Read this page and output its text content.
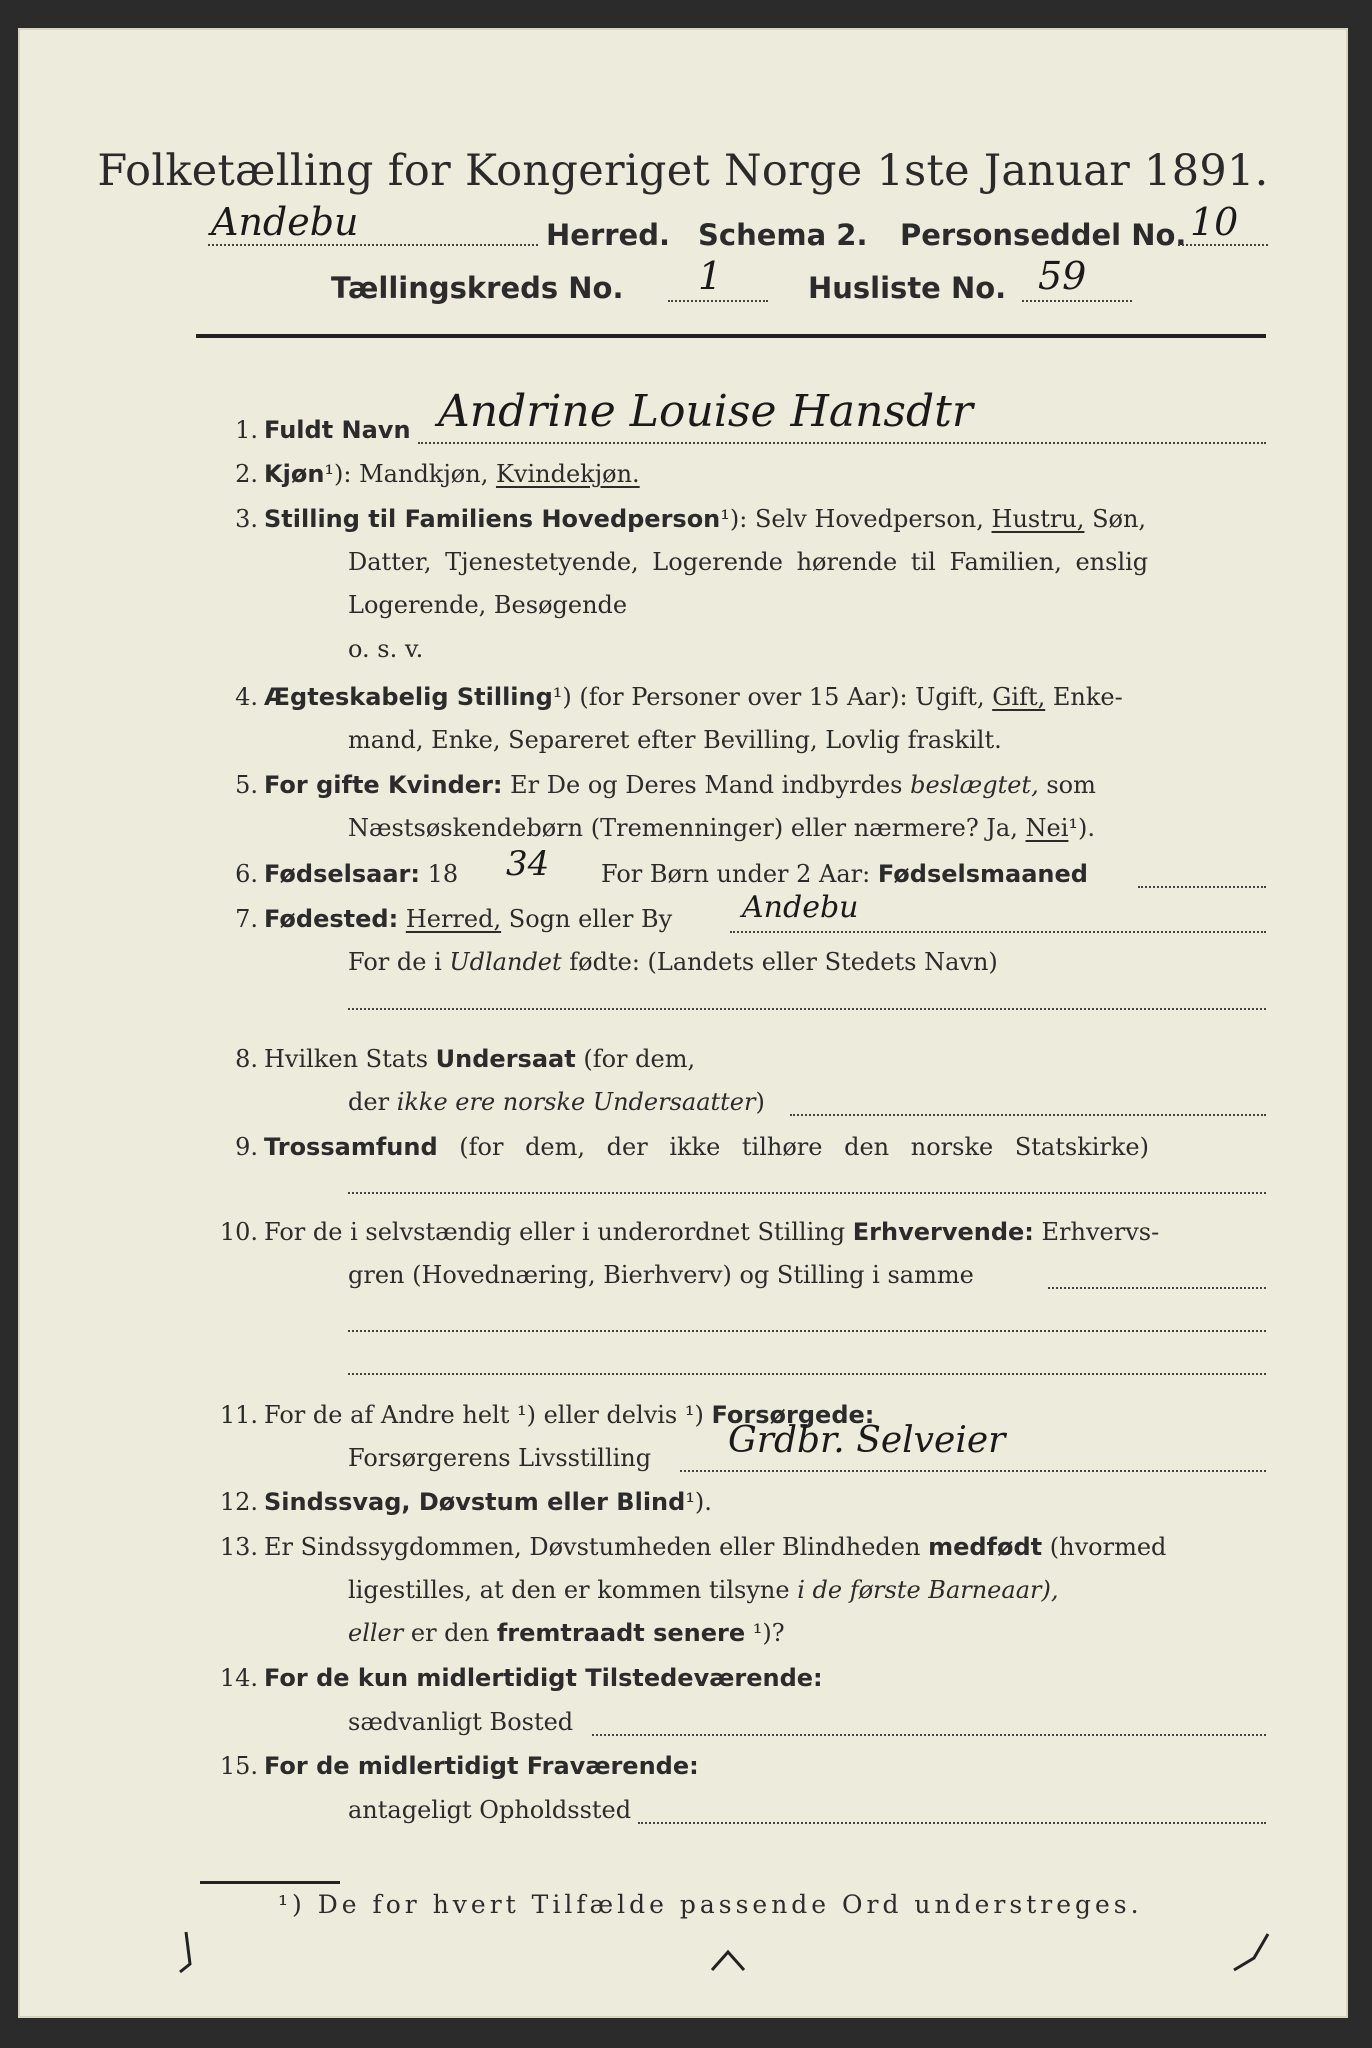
Folketælling for Kongeriget Norge 1ste Januar 1891.
Andebu	Herred. Schema 2. Personseddel No. 10
Tællingskreds No. 1	Husliste No. 59
1. Fuldt Navn Andrine Louise Hansdtr
2. Kjøn¹): Mandkjøn, Kvindekjøn.
3. Stilling til Familiens Hovedperson¹): Selv Hovedperson, Hustru, Søn,
Datter, Tjenestetyende, Logerende hørende til Familien, enslig
Logerende, Besøgende
o. s. v.
4. Ægteskabelig Stilling¹) (for Personer over 15 Aar): Ugift, Gift, Enke-
mand, Enke, Separeret efter Bevilling, Lovlig fraskilt.
5. For gifte Kvinder: Er De og Deres Mand indbyrdes beslægtet, som
Næstsøskendebørn (Tremenninger) eller nærmere? Ja, Nei¹).
6. Fødselsaar: 18 34 For Børn under 2 Aar: Fødselsmaaned
7. Fødested: Herred, Sogn eller By Andebu
For de i Udlandet fødte: (Landets eller Stedets Navn)
8. Hvilken Stats Undersaat (for dem,
der ikke ere norske Undersaatter)
9. Trossamfund (for dem, der ikke tilhøre den norske Statskirke)
10. For de i selvstændig eller i underordnet Stilling Erhvervende: Erhvervs-
gren (Hovednæring, Bierhverv) og Stilling i samme
11. For de af Andre helt ¹) eller delvis ¹) Forsørgede:
Forsørgerens Livsstilling Grdbr. Selveier
12. Sindssvag, Døvstum eller Blind¹).
13. Er Sindssygdommen, Døvstumheden eller Blindheden medfødt (hvormed
ligestilles, at den er kommen tilsyne i de første Barneaar),
eller er den fremtraadt senere ¹)?
14. For de kun midlertidigt Tilstedeværende:
sædvanligt Bosted
15. For de midlertidigt Fraværende:
antageligt Opholdssted
¹) De for hvert Tilfælde passende Ord understreges.
